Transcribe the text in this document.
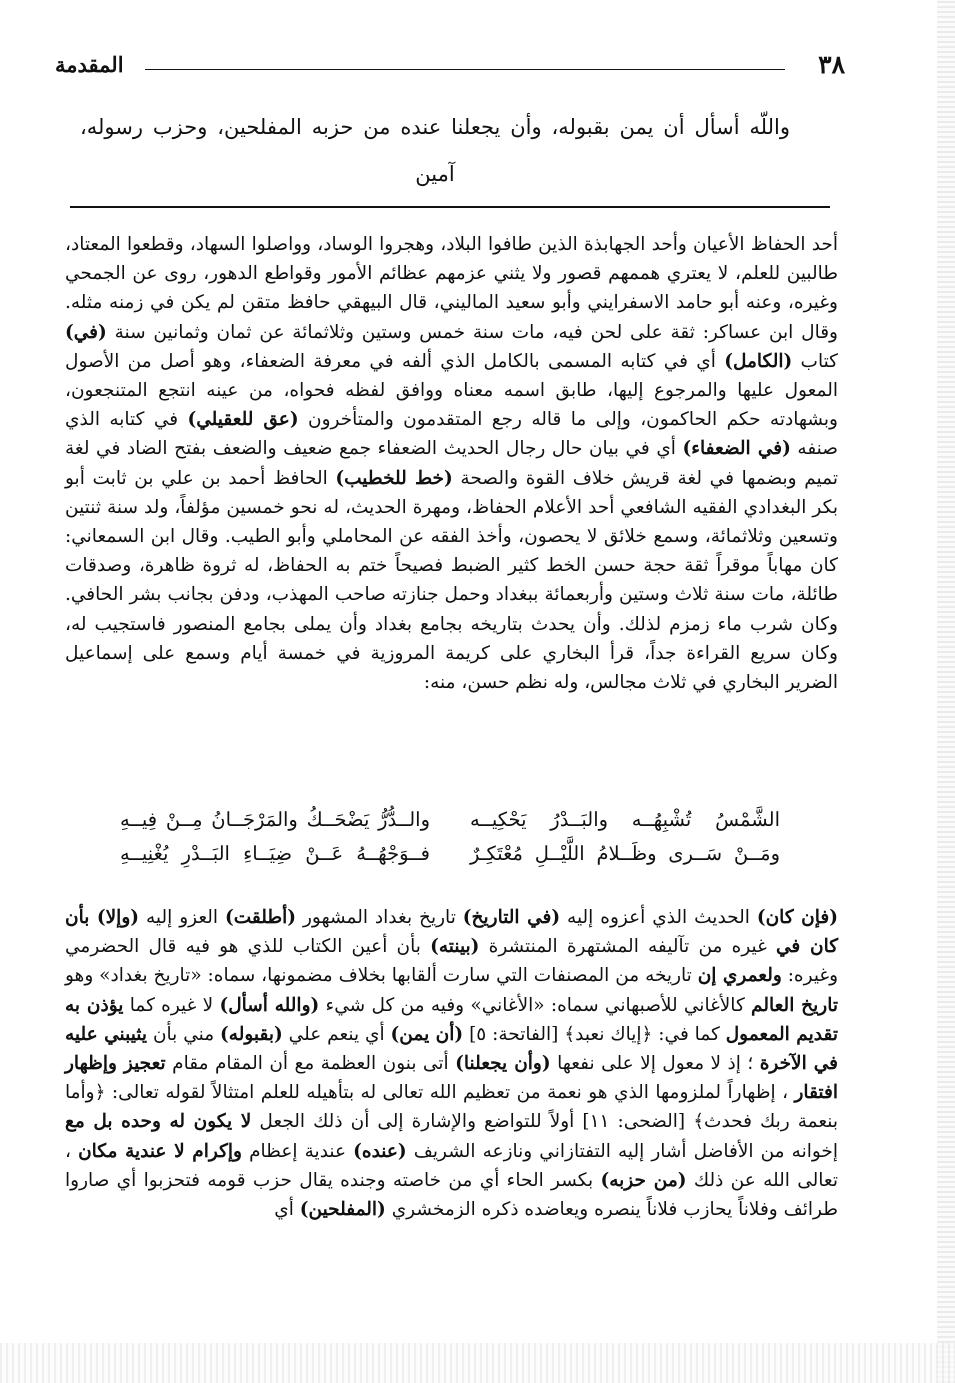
٣٨
المقدمة
واللّه أسأل أن يمن بقبوله، وأن يجعلنا عنده من حزبه المفلحين، وحزب رسوله، آمين

أحد الحفاظ الأعيان وأحد الجهابذة الذين طافوا البلاد، وهجروا الوساد، وواصلوا السهاد، وقطعوا المعتاد، طالبين للعلم، لا يعتري هممهم قصور ولا يثني عزمهم عظائم الأمور وقواطع الدهور، روى عن الجمحي وغيره، وعنه أبو حامد الاسفرايني وأبو سعيد الماليني، قال البيهقي حافظ متقن لم يكن في زمنه مثله. وقال ابن عساكر: ثقة على لحن فيه، مات سنة خمس وستين وثلاثمائة عن ثمان وثمانين سنة (في) كتاب (الكامل) أي في كتابه المسمى بالكامل الذي ألفه في معرفة الضعفاء، وهو أصل من الأصول المعول عليها والمرجوع إليها، طابق اسمه معناه ووافق لفظه فحواه، من عينه انتجع المتنجعون، وبشهادته حكم الحاكمون، وإلى ما قاله رجع المتقدمون والمتأخرون (عق للعقيلي) في كتابه الذي صنفه (في الضعفاء) أي في بيان حال رجال الحديث الضعفاء جمع ضعيف والضعف بفتح الضاد في لغة تميم وبضمها في لغة قريش خلاف القوة والصحة (خط للخطيب) الحافظ أحمد بن علي بن ثابت أبو بكر البغدادي الفقيه الشافعي أحد الأعلام الحفاظ، ومهرة الحديث، له نحو خمسين مؤلفاً، ولد سنة ثنتين وتسعين وثلاثمائة، وسمع خلائق لا يحصون، وأخذ الفقه عن المحاملي وأبو الطيب. وقال ابن السمعاني: كان مهاباً موقراً ثقة حجة حسن الخط كثير الضبط فصيحاً ختم به الحفاظ، له ثروة ظاهرة، وصدقات طائلة، مات سنة ثلاث وستين وأربعمائة ببغداد وحمل جنازته صاحب المهذب، ودفن بجانب بشر الحافي. وكان شرب ماء زمزم لذلك. وأن يحدث بتاريخه بجامع بغداد وأن يملى بجامع المنصور فاستجيب له، وكان سريع القراءة جداً، قرأ البخاري على كريمة المروزية في خمسة أيام وسمع على إسماعيل الضرير البخاري في ثلاث مجالس، وله نظم حسن، منه:

الشَّمْسُ تُشْبِهُــه والبَــدْرُ يَحْكِيــه
والــدُّرُّ يَضْحَــكُ والمَرْجَــانُ مِــنْ فِيــهِ
ومَــنْ سَــرى وظَــلامُ اللَّيْــلِ مُعْتَكِـرٌ
فــوَجْهُــهُ عَــنْ ضِيَــاءِ البَــدْرِ يُغْنِيــهِ

(فإن كان) الحديث الذي أعزوه إليه (في التاريخ) تاريخ بغداد المشهور (أطلقت) العزو إليه (وإلا) بأن كان في غيره من تآليفه المشتهرة المنتشرة (بينته) بأن أعين الكتاب للذي هو فيه قال الحضرمي وغيره: ولعمري إن تاريخه من المصنفات التي سارت ألقابها بخلاف مضمونها، سماه: «تاريخ بغداد» وهو تاريخ العالم كالأغاني للأصبهاني سماه: «الأغاني» وفيه من كل شيء (والله أسأل) لا غيره كما يؤذن به تقديم المعمول كما في: ﴿إياك نعبد﴾ [الفاتحة: ٥] (أن يمن) أي ينعم علي (بقبوله) مني بأن يثيبني عليه في الآخرة ؛ إذ لا معول إلا على نفعها (وأن يجعلنا) أتى بنون العظمة مع أن المقام مقام تعجيز وإظهار افتقار ، إظهاراً لملزومها الذي هو نعمة من تعظيم الله تعالى له بتأهيله للعلم امتثالاً لقوله تعالى: ﴿وأما بنعمة ربك فحدث﴾ [الضحى: ١١] أولاً للتواضع والإشارة إلى أن ذلك الجعل لا يكون له وحده بل مع إخوانه من الأفاضل أشار إليه التفتازاني ونازعه الشريف (عنده) عندية إعظام وإكرام لا عندية مكان ، تعالى الله عن ذلك (من حزبه) بكسر الحاء أي من خاصته وجنده يقال حزب قومه فتحزبوا أي صاروا طرائف وفلاناً يحازب فلاناً ينصره ويعاضده ذكره الزمخشري (المفلحين) أي
